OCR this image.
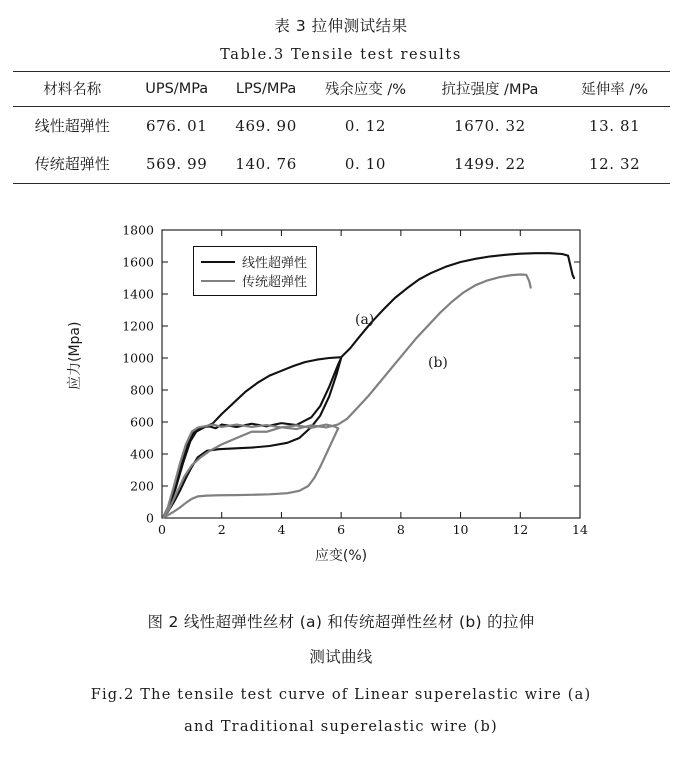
表 3 拉伸测试结果
Table.3 Tensile test results
材料名称	UPS/MPa	LPS/MPa	残余应变 /%	抗拉强度 /MPa	延伸率 /%
线性超弹性	676. 01	469. 90	0. 12	1670. 32	13. 81
传统超弹性	569. 99	140. 76	0. 10	1499. 22	12. 32
0	2	4	6	8	10	12	14
0
200
400
600
800
1000
1200
1400
1600
1800
应力(Mpa)
应变(%)
线性超弹性
传统超弹性
(a)
(b)
图 2 线性超弹性丝材 (a) 和传统超弹性丝材 (b) 的拉伸
测试曲线
Fig.2 The tensile test curve of Linear superelastic wire (a)
and Traditional superelastic wire (b)
